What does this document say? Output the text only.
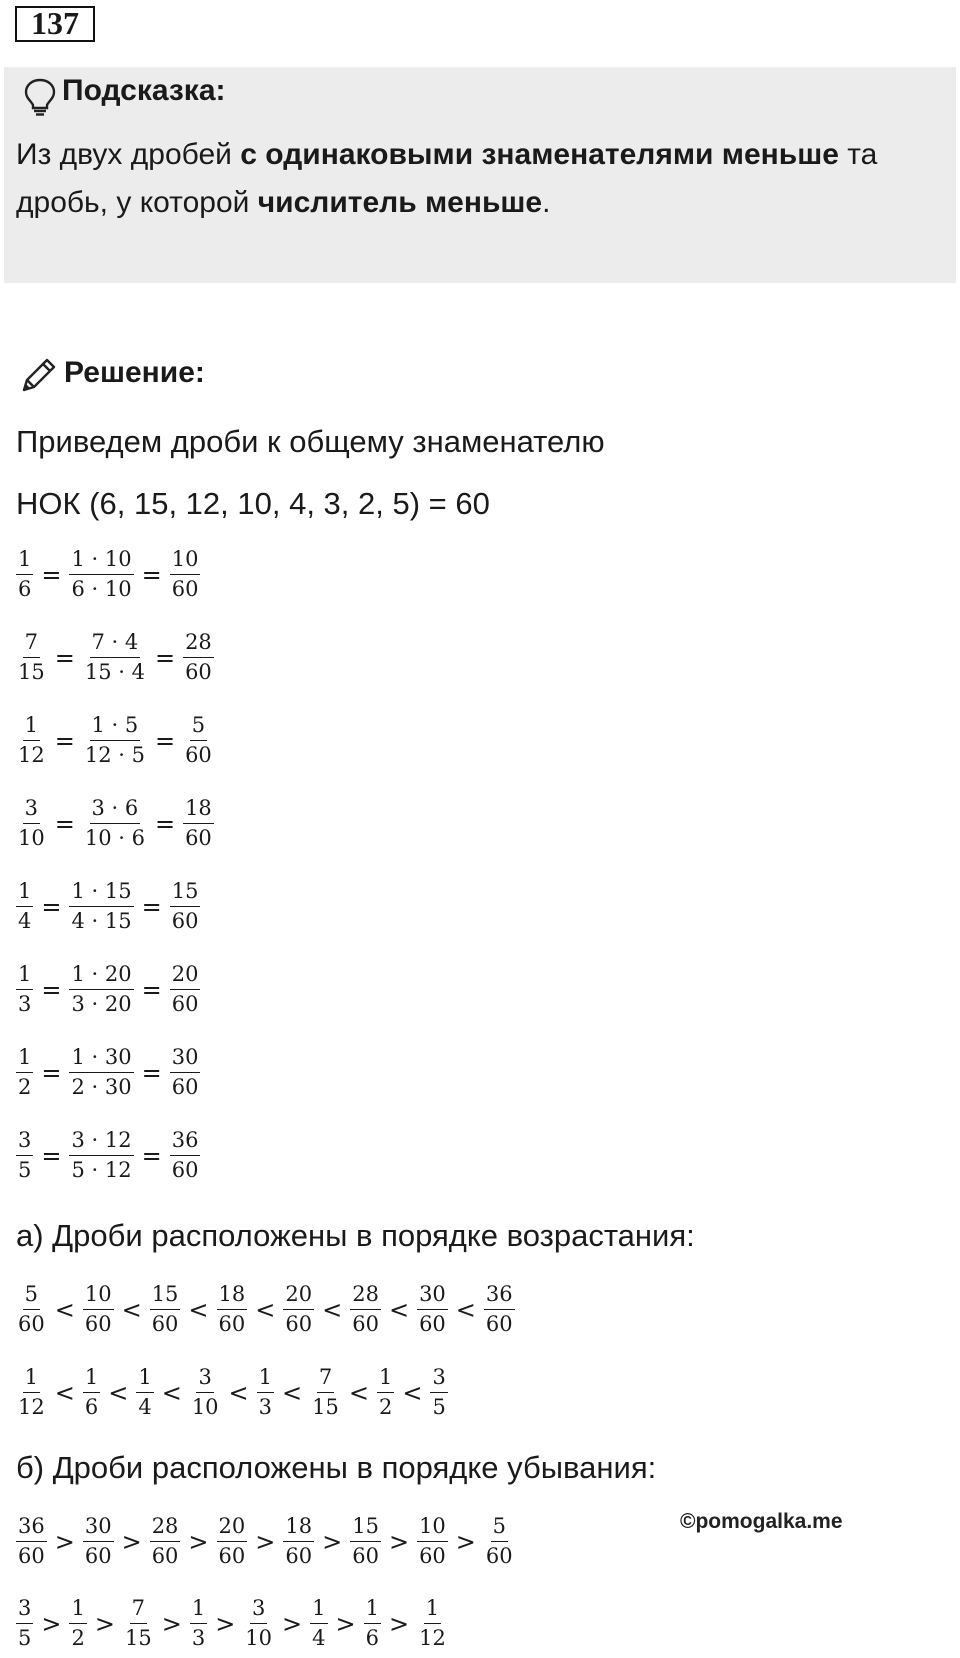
137
Подсказка:
Из двух дробей с одинаковыми знаменателями меньше та
дробь, у которой числитель меньше.
Решение:
Приведем дроби к общему знаменателю
НОК (6, 15, 12, 10, 4, 3, 2, 5) = 60
$\frac{1}{6} = \frac{1 \cdot 10}{6 \cdot 10} = \frac{10}{60}$
$\frac{7}{15} = \frac{7 \cdot 4}{15 \cdot 4} = \frac{28}{60}$
$\frac{1}{12} = \frac{1 \cdot 5}{12 \cdot 5} = \frac{5}{60}$
$\frac{3}{10} = \frac{3 \cdot 6}{10 \cdot 6} = \frac{18}{60}$
$\frac{1}{4} = \frac{1 \cdot 15}{4 \cdot 15} = \frac{15}{60}$
$\frac{1}{3} = \frac{1 \cdot 20}{3 \cdot 20} = \frac{20}{60}$
$\frac{1}{2} = \frac{1 \cdot 30}{2 \cdot 30} = \frac{30}{60}$
$\frac{3}{5} = \frac{3 \cdot 12}{5 \cdot 12} = \frac{36}{60}$
а) Дроби расположены в порядке возрастания:
$\frac{5}{60} < \frac{10}{60} < \frac{15}{60} < \frac{18}{60} < \frac{20}{60} < \frac{28}{60} < \frac{30}{60} < \frac{36}{60}$
$\frac{1}{12} < \frac{1}{6} < \frac{1}{4} < \frac{3}{10} < \frac{1}{3} < \frac{7}{15} < \frac{1}{2} < \frac{3}{5}$
б) Дроби расположены в порядке убывания:
$\frac{36}{60} > \frac{30}{60} > \frac{28}{60} > \frac{20}{60} > \frac{18}{60} > \frac{15}{60} > \frac{10}{60} > \frac{5}{60}$
$\frac{3}{5} > \frac{1}{2} > \frac{7}{15} > \frac{1}{3} > \frac{3}{10} > \frac{1}{4} > \frac{1}{6} > \frac{1}{12}$
©pomogalka.me
